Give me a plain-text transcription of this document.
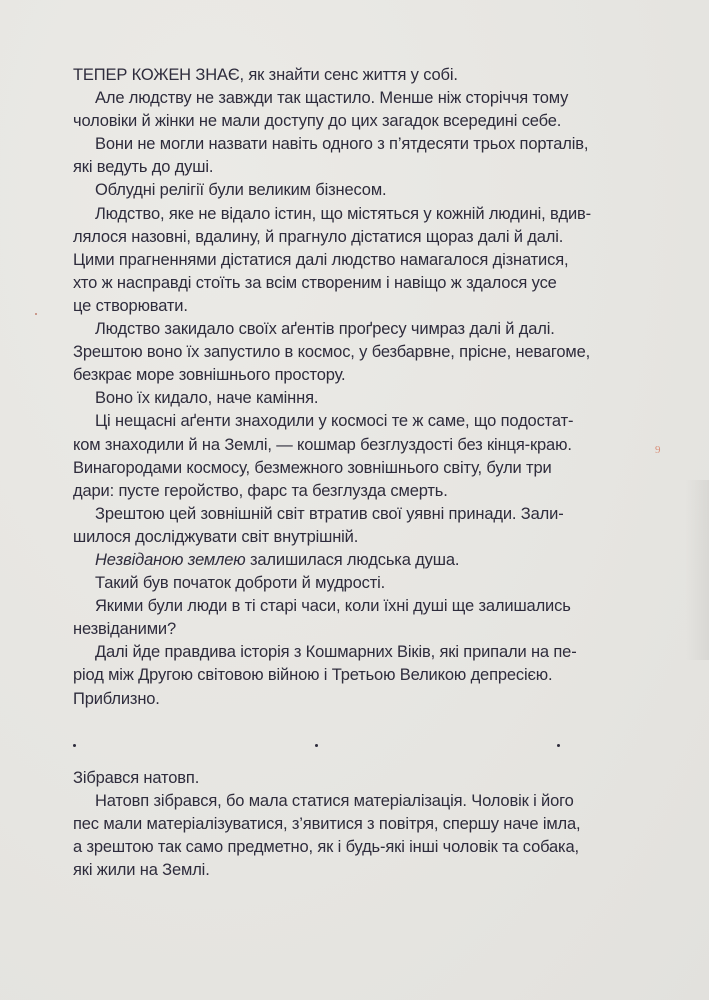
ТЕПЕР КОЖЕН ЗНАЄ, як знайти сенс життя у собі.
Але людству не завжди так щастило. Менше ніж сторіччя тому
чоловіки й жінки не мали доступу до цих загадок всередині себе.
Вони не могли назвати навіть одного з п’ятдесяти трьох порталів,
які ведуть до душі.
Облудні релігії були великим бізнесом.
Людство, яке не відало істин, що містяться у кожній людині, вдив-
лялося назовні, вдалину, й прагнуло дістатися щораз далі й далі.
Цими прагненнями дістатися далі людство намагалося дізнатися,
хто ж насправді стоїть за всім створеним і навіщо ж здалося усе
це створювати.
Людство закидало своїх аґентів проґресу чимраз далі й далі.
Зрештою воно їх запустило в космос, у безбарвне, прісне, невагоме,
безкрає море зовнішнього простору.
Воно їх кидало, наче каміння.
Ці нещасні аґенти знаходили у космосі те ж саме, що подостат-
ком знаходили й на Землі, — кошмар безглуздості без кінця-краю.
Винагородами космосу, безмежного зовнішнього світу, були три
дари: пусте геройство, фарс та безглузда смерть.
Зрештою цей зовнішній світ втратив свої уявні принади. Зали-
шилося досліджувати світ внутрішній.
Незвіданою землею залишилася людська душа.
Такий був початок доброти й мудрості.
Якими були люди в ті старі часи, коли їхні душі ще залишались
незвіданими?
Далі йде правдива історія з Кошмарних Віків, які припали на пе-
ріод між Другою світовою війною і Третьою Великою депресією.
Приблизно.
Зібрався натовп.
Натовп зібрався, бо мала статися матеріалізація. Чоловік і його
пес мали матеріалізуватися, з’явитися з повітря, спершу наче імла,
а зрештою так само предметно, як і будь-які інші чоловік та собака,
які жили на Землі.
9
